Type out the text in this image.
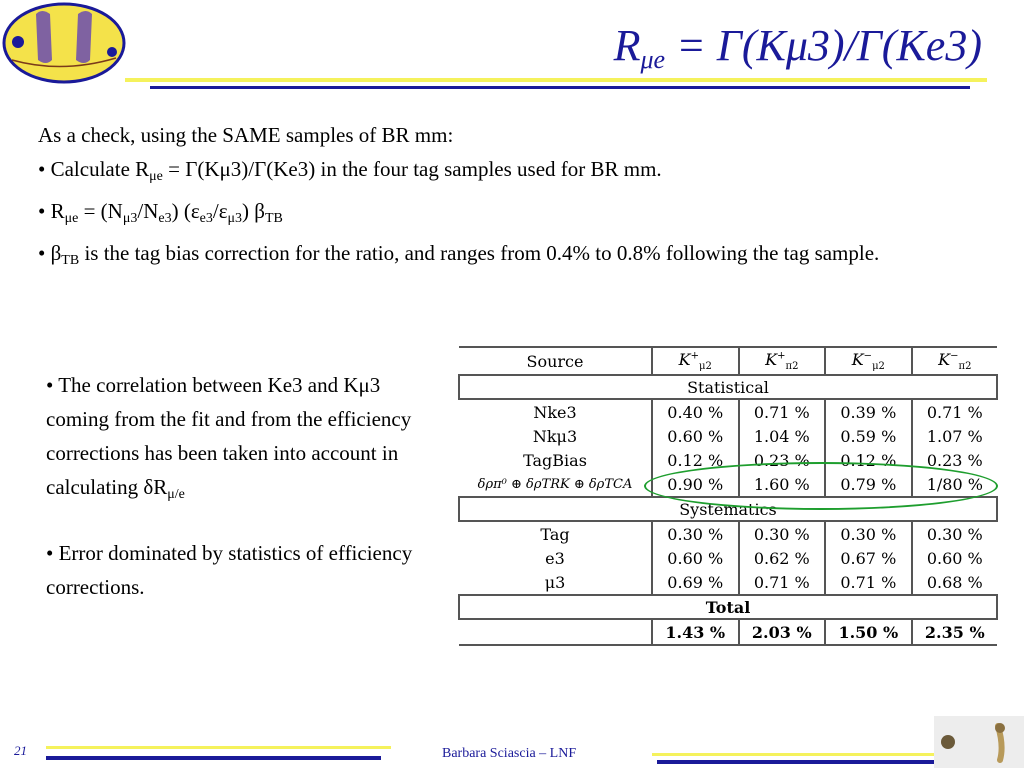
$R_{\mu e} = \Gamma(K\mu 3)/\Gamma(Ke3)$

As a check, using the SAME samples of BR mm:

• Calculate $R_{\mu e} = \Gamma(K\mu 3)/\Gamma(Ke3)$ in the four tag samples used for BR mm.

• $R_{\mu e} = (N_{\mu 3}/N_{e3})$ $(\varepsilon_{e3}/\varepsilon_{\mu 3})$ $\beta_{TB}$

• $\beta_{TB}$ is the tag bias correction for the ratio, and ranges from 0.4% to 0.8% following the tag sample.

• The correlation between Ke3 and Kμ3 coming from the fit and from the efficiency corrections has been taken into account in calculating $\delta R_{\mu/e}$

• Error dominated by statistics of efficiency corrections.

Source	$K^+_{\mu 2}$	$K^+_{\pi 2}$	$K^-_{\mu 2}$	$K^-_{\pi 2}$
Statistical				
Nke3	0.40 %	0.71 %	0.39 %	0.71 %
Nkμ3	0.60 %	1.04 %	0.59 %	1.07 %
TagBias	0.12 %	0.23 %	0.12 %	0.23 %
δρπ⁰ ⊕ δρTRK ⊕ δρTCA	0.90 %	1.60 %	0.79 %	1/80 %
Systematics				
Tag	0.30 %	0.30 %	0.30 %	0.30 %
e3	0.60 %	0.62 %	0.67 %	0.60 %
μ3	0.69 %	0.71 %	0.71 %	0.68 %
Total				
	1.43 %	2.03 %	1.50 %	2.35 %
21	Barbara Sciascia – LNF
